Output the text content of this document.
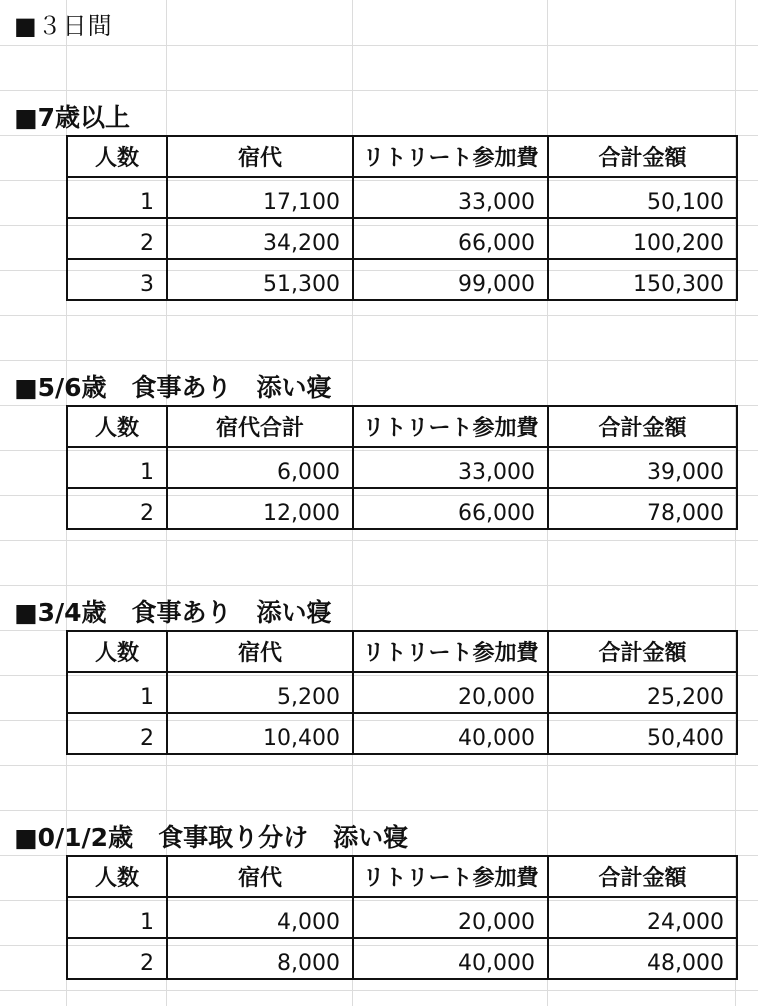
■３日間
■7歳以上
人数	宿代	リトリート参加費	合計金額
1	17,100	33,000	50,100
2	34,200	66,000	100,200
3	51,300	99,000	150,300
■5/6歳　食事あり　添い寝
人数	宿代合計	リトリート参加費	合計金額
1	6,000	33,000	39,000
2	12,000	66,000	78,000
■3/4歳　食事あり　添い寝
人数	宿代	リトリート参加費	合計金額
1	5,200	20,000	25,200
2	10,400	40,000	50,400
■0/1/2歳　食事取り分け　添い寝
人数	宿代	リトリート参加費	合計金額
1	4,000	20,000	24,000
2	8,000	40,000	48,000
